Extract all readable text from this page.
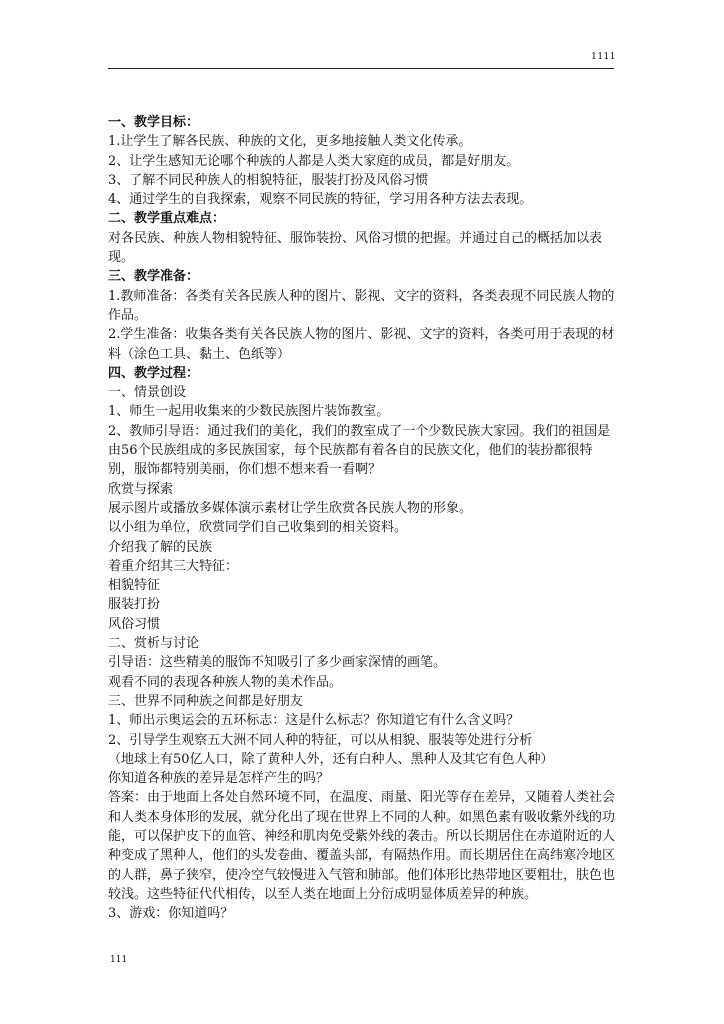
1111
一、教学目标：
1.让学生了解各民族、种族的文化，更多地接触人类文化传承。
2、让学生感知无论哪个种族的人都是人类大家庭的成员，都是好朋友。
3、了解不同民种族人的相貌特征，服装打扮及风俗习惯
4、通过学生的自我探索，观察不同民族的特征，学习用各种方法去表现。
二、教学重点难点：
对各民族、种族人物相貌特征、服饰装扮、风俗习惯的把握。并通过自己的概括加以表现。
三、教学准备：
1.教师准备：各类有关各民族人种的图片、影视、文字的资料，各类表现不同民族人物的作品。
2.学生准备：收集各类有关各民族人物的图片、影视、文字的资料，各类可用于表现的材料（涂色工具、黏土、色纸等）
四、教学过程：
一、情景创设
1、师生一起用收集来的少数民族图片装饰教室。
2、教师引导语：通过我们的美化，我们的教室成了一个少数民族大家园。我们的祖国是由56个民族组成的多民族国家，每个民族都有着各自的民族文化，他们的装扮都很特别，服饰都特别美丽，你们想不想来看一看啊？
欣赏与探索
展示图片或播放多媒体演示素材让学生欣赏各民族人物的形象。
以小组为单位，欣赏同学们自己收集到的相关资料。
介绍我了解的民族
着重介绍其三大特征：
相貌特征
服装打扮
风俗习惯
二、赏析与讨论
引导语：这些精美的服饰不知吸引了多少画家深情的画笔。
观看不同的表现各种族人物的美术作品。
三、世界不同种族之间都是好朋友
1、师出示奥运会的五环标志：这是什么标志？你知道它有什么含义吗？
2、引导学生观察五大洲不同人种的特征，可以从相貌、服装等处进行分析
（地球上有50亿人口，除了黄种人外，还有白种人、黑种人及其它有色人种）
你知道各种族的差异是怎样产生的吗？
答案：由于地面上各处自然环境不同，在温度、雨量、阳光等存在差异，又随着人类社会和人类本身体形的发展，就分化出了现在世界上不同的人种。如黑色素有吸收紫外线的功能，可以保护皮下的血管、神经和肌肉免受紫外线的袭击。所以长期居住在赤道附近的人种变成了黑种人，他们的头发卷曲、覆盖头部，有隔热作用。而长期居住在高纬寒冷地区的人群，鼻子狭窄，使冷空气较慢进入气管和肺部。他们体形比热带地区要粗壮，肤色也较浅。这些特征代代相传，以至人类在地面上分衍成明显体质差异的种族。
3、游戏：你知道吗？
111
